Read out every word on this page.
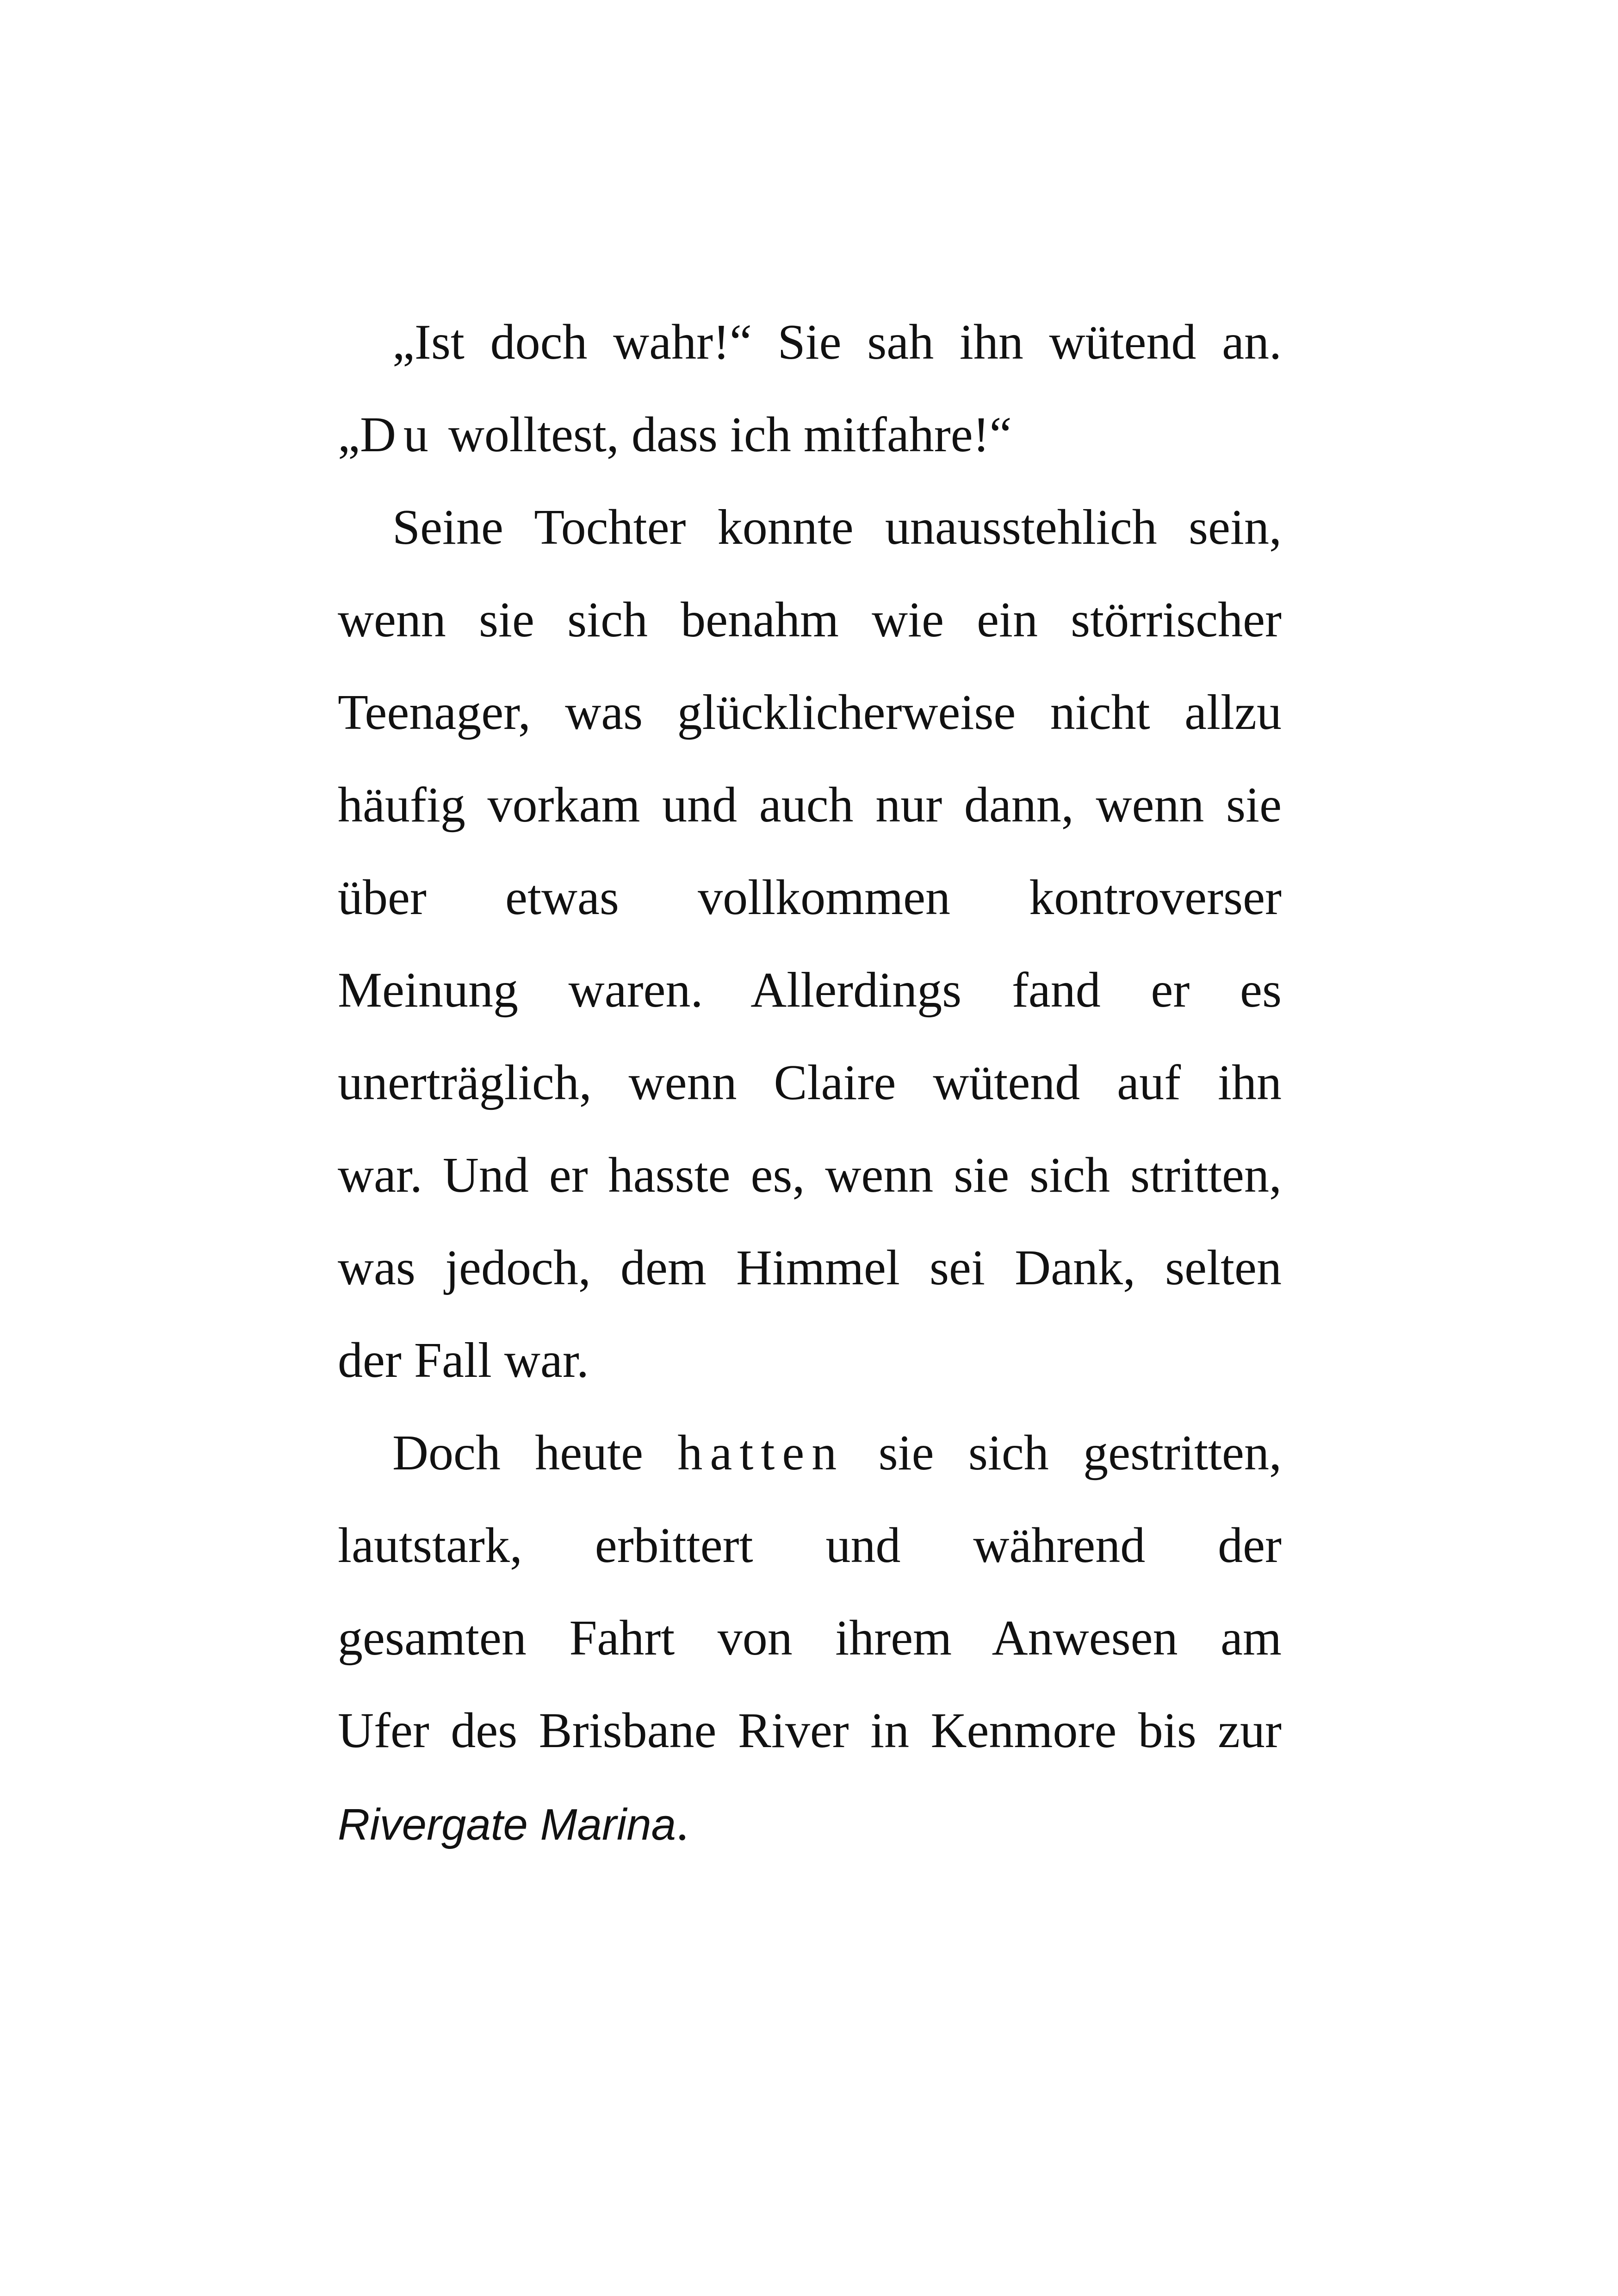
„Ist doch wahr!“ Sie sah ihn wütend an.
„Du wolltest, dass ich mitfahre!“
Seine Tochter konnte unausstehlich sein,
wenn sie sich benahm wie ein störrischer
Teenager, was glücklicherweise nicht allzu
häufig vorkam und auch nur dann, wenn sie
über etwas vollkommen kontroverser
Meinung waren. Allerdings fand er es
unerträglich, wenn Claire wütend auf ihn
war. Und er hasste es, wenn sie sich stritten,
was jedoch, dem Himmel sei Dank, selten
der Fall war.
Doch heute hatten sie sich gestritten,
lautstark, erbittert und während der
gesamten Fahrt von ihrem Anwesen am
Ufer des Brisbane River in Kenmore bis zur
Rivergate Marina.
